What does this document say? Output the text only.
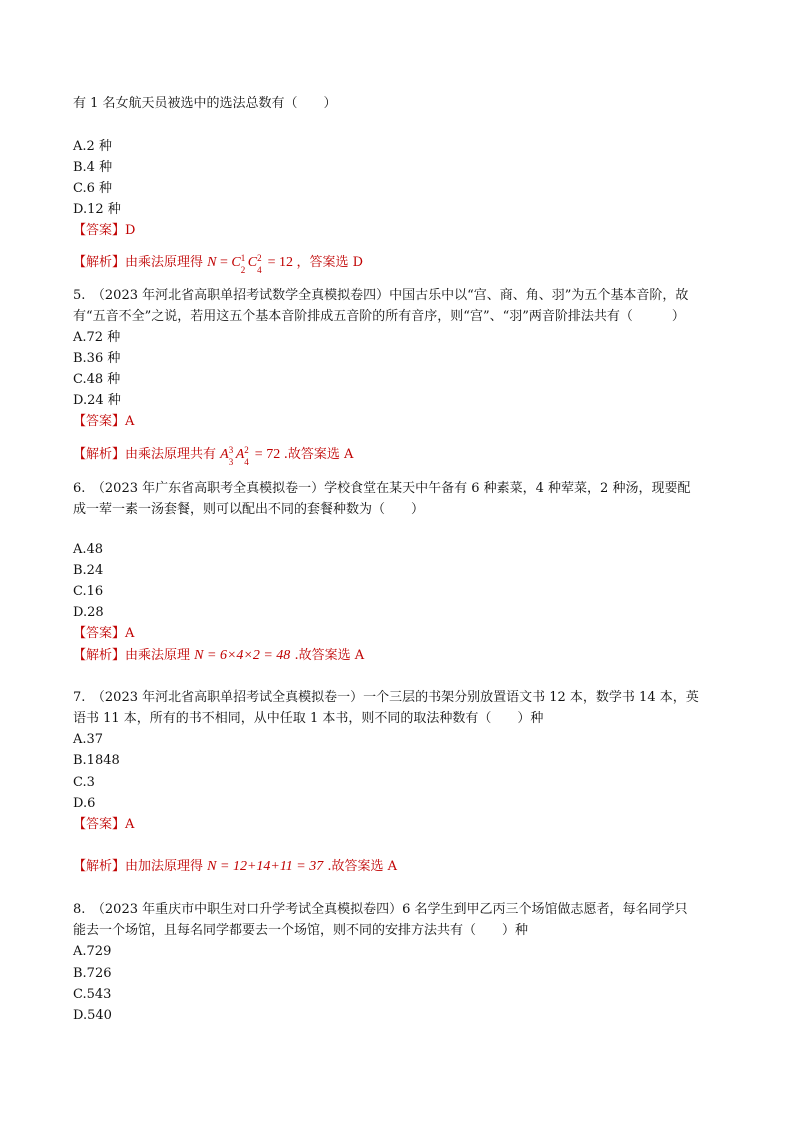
有 1 名女航天员被选中的选法总数有（　　）
A.2 种
B.4 种
C.6 种
D.12 种
【答案】D
【解析】由乘法原理得 N = C 1
2 C 2
4 = 12 ，答案选 D
5.　（2023 年河北省高职单招考试数学全真模拟卷四）中国古乐中以“宫、商、角、羽”为五个基本音阶，故
有“五音不全”之说，若用这五个基本音阶排成五音阶的所有音序，则“宫”、“羽”两音阶排法共有（　　　）
A.72 种
B.36 种
C.48 种
D.24 种
【答案】A
【解析】由乘法原理共有 A 3
3 A 2
4 = 72 .故答案选 A
6.　（2023 年广东省高职考全真模拟卷一）学校食堂在某天中午备有 6 种素菜，4 种荤菜，2 种汤，现要配
成一荤一素一汤套餐，则可以配出不同的套餐种数为（　　）
A.48
B.24
C.16
D.28
【答案】A
【解析】由乘法原理 N = 6×4×2 = 48 .故答案选 A
7.　（2023 年河北省高职单招考试全真模拟卷一）一个三层的书架分别放置语文书 12 本，数学书 14 本，英
语书 11 本，所有的书不相同，从中任取 1 本书，则不同的取法种数有（　　）种
A.37
B.1848
C.3
D.6
【答案】A
【解析】由加法原理得 N = 12+14+11 = 37 .故答案选 A
8.　（2023 年重庆市中职生对口升学考试全真模拟卷四）6 名学生到甲乙丙三个场馆做志愿者，每名同学只
能去一个场馆，且每名同学都要去一个场馆，则不同的安排方法共有（　　）种
A.729
B.726
C.543
D.540
